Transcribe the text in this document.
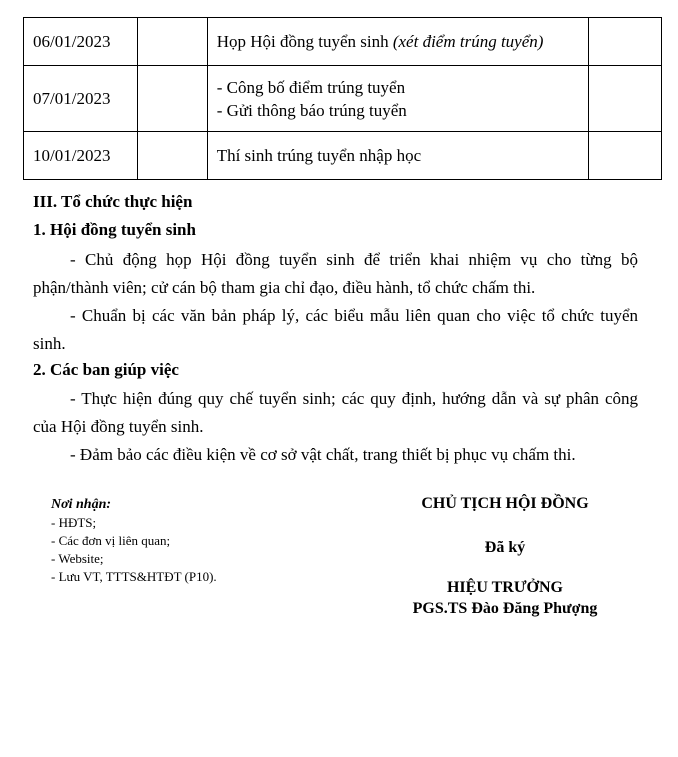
06/01/2023		Họp Hội đồng tuyển sinh (xét điểm trúng tuyển)	
07/01/2023		- Công bố điểm trúng tuyển
- Gửi thông báo trúng tuyển	

10/01/2023		Thí sinh trúng tuyển nhập học	
III. Tổ chức thực hiện
1. Hội đồng tuyển sinh
- Chủ động họp Hội đồng tuyển sinh để triển khai nhiệm vụ cho từng bộ phận/thành viên; cử cán bộ tham gia chỉ đạo, điều hành, tổ chức chấm thi.
- Chuẩn bị các văn bản pháp lý, các biểu mẫu liên quan cho việc tổ chức tuyển sinh.
2. Các ban giúp việc
- Thực hiện đúng quy chế tuyển sinh; các quy định, hướng dẫn và sự phân công của Hội đồng tuyển sinh.
- Đảm bảo các điều kiện về cơ sở vật chất, trang thiết bị phục vụ chấm thi.
Nơi nhận:
- HĐTS;
- Các đơn vị liên quan;
- Website;
- Lưu VT, TTTS&HTĐT (P10).
CHỦ TỊCH HỘI ĐỒNG
Đã ký
HIỆU TRƯỞNG
PGS.TS Đào Đăng Phượng
